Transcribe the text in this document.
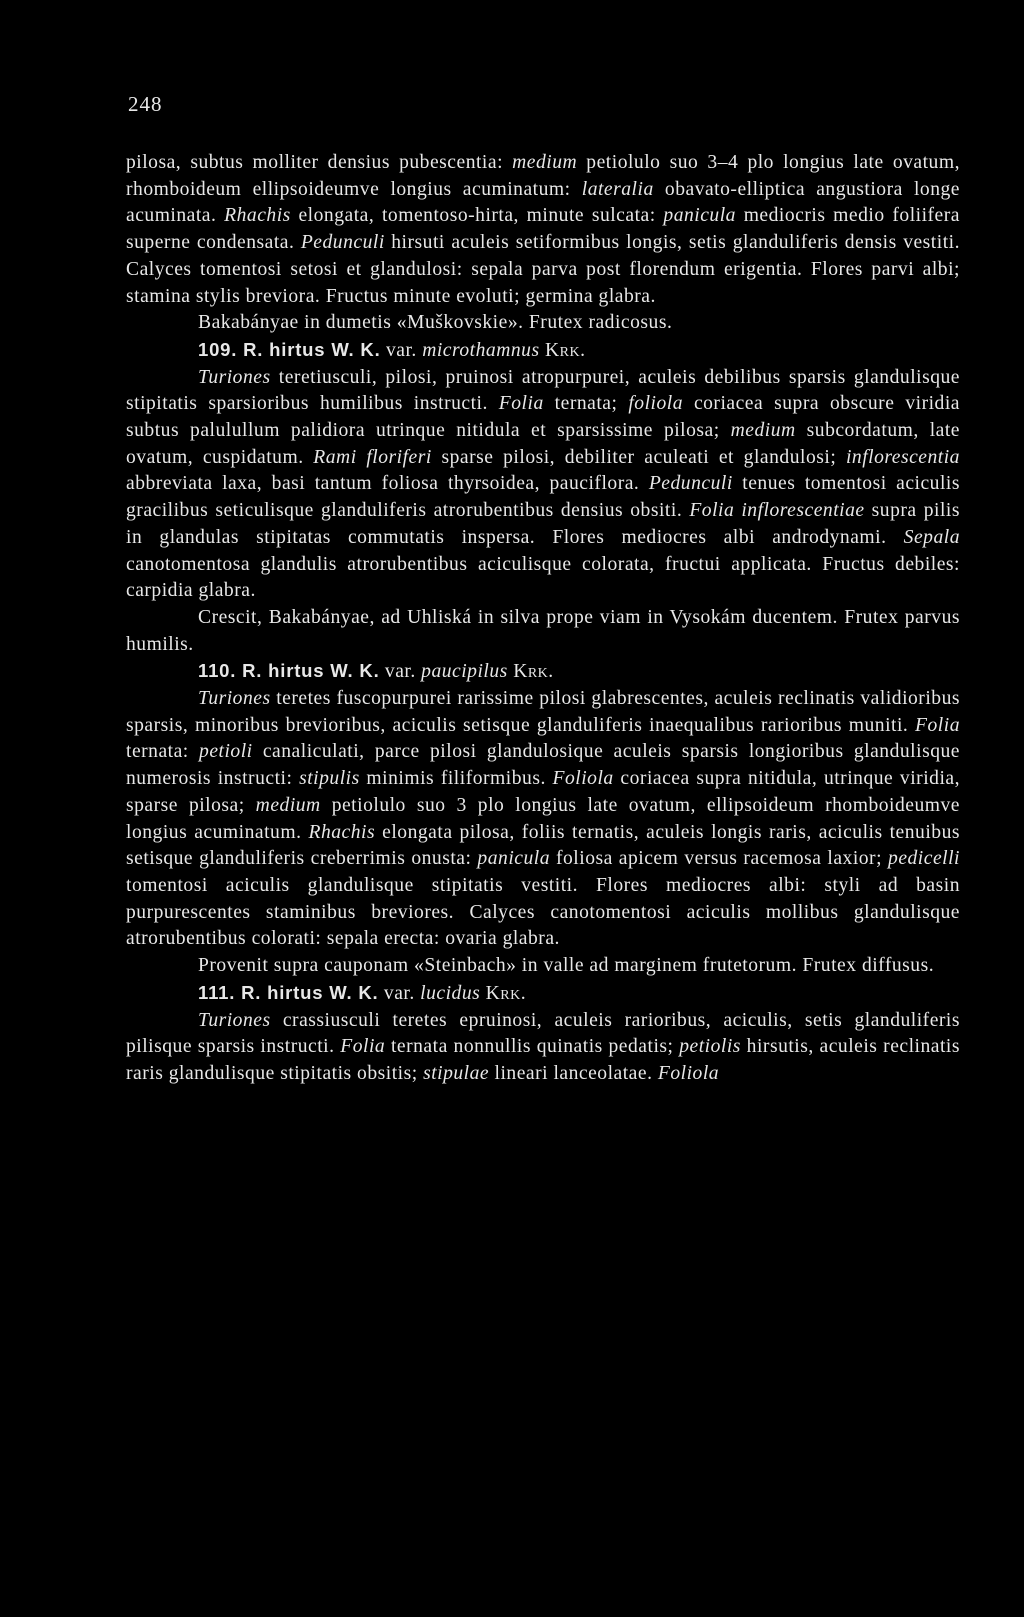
248

pilosa, subtus molliter densius pubescentia: medium petiolulo suo 3–4 plo longius late ovatum, rhomboideum ellipsoideumve longius acuminatum: lateralia obavato-elliptica angustiora longe acuminata. Rhachis elongata, tomentoso-hirta, minute sulcata: panicula mediocris medio foliifera superne condensata. Pedunculi hirsuti aculeis setiformibus longis, setis glanduliferis densis vestiti. Calyces tomentosi setosi et glandulosi: sepala parva post florendum erigentia. Flores parvi albi; stamina stylis breviora. Fructus minute evoluti; germina glabra.

Bakabányae in dumetis «Muškovskie». Frutex radicosus.

109. R. hirtus W. K. var. microthamnus Krk.

Turiones teretiusculi, pilosi, pruinosi atropurpurei, aculeis debilibus sparsis glandulisque stipitatis sparsioribus humilibus instructi. Folia ternata; foliola coriacea supra obscure viridia subtus palulullum palidiora utrinque nitidula et sparsissime pilosa; medium subcordatum, late ovatum, cuspidatum. Rami floriferi sparse pilosi, debiliter aculeati et glandulosi; inflorescentia abbreviata laxa, basi tantum foliosa thyrsoidea, pauciflora. Pedunculi tenues tomentosi aciculis gracilibus seticulisque glanduliferis atrorubentibus densius obsiti. Folia inflorescentiae supra pilis in glandulas stipitatas commutatis inspersa. Flores mediocres albi androdynami. Sepala canotomentosa glandulis atrorubentibus aciculisque colorata, fructui applicata. Fructus debiles: carpidia glabra.

Crescit, Bakabányae, ad Uhliská in silva prope viam in Vysokám ducentem. Frutex parvus humilis.

110. R. hirtus W. K. var. paucipilus Krk.

Turiones teretes fuscopurpurei rarissime pilosi glabrescentes, aculeis reclinatis validioribus sparsis, minoribus brevioribus, aciculis setisque glanduliferis inaequalibus rarioribus muniti. Folia ternata: petioli canaliculati, parce pilosi glandulosique aculeis sparsis longioribus glandulisque numerosis instructi: stipulis minimis filiformibus. Foliola coriacea supra nitidula, utrinque viridia, sparse pilosa; medium petiolulo suo 3 plo longius late ovatum, ellipsoideum rhomboideumve longius acuminatum. Rhachis elongata pilosa, foliis ternatis, aculeis longis raris, aciculis tenuibus setisque glanduliferis creberrimis onusta: panicula foliosa apicem versus racemosa laxior; pedicelli tomentosi aciculis glandulisque stipitatis vestiti. Flores mediocres albi: styli ad basin purpurescentes staminibus breviores. Calyces canotomentosi aciculis mollibus glandulisque atrorubentibus colorati: sepala erecta: ovaria glabra.

Provenit supra cauponam «Steinbach» in valle ad marginem frutetorum. Frutex diffusus.

111. R. hirtus W. K. var. lucidus Krk.

Turiones crassiusculi teretes epruinosi, aculeis rarioribus, aciculis, setis glanduliferis pilisque sparsis instructi. Folia ternata nonnullis quinatis pedatis; petiolis hirsutis, aculeis reclinatis raris glandulisque stipitatis obsitis; stipulae lineari lanceolatae. Foliola
